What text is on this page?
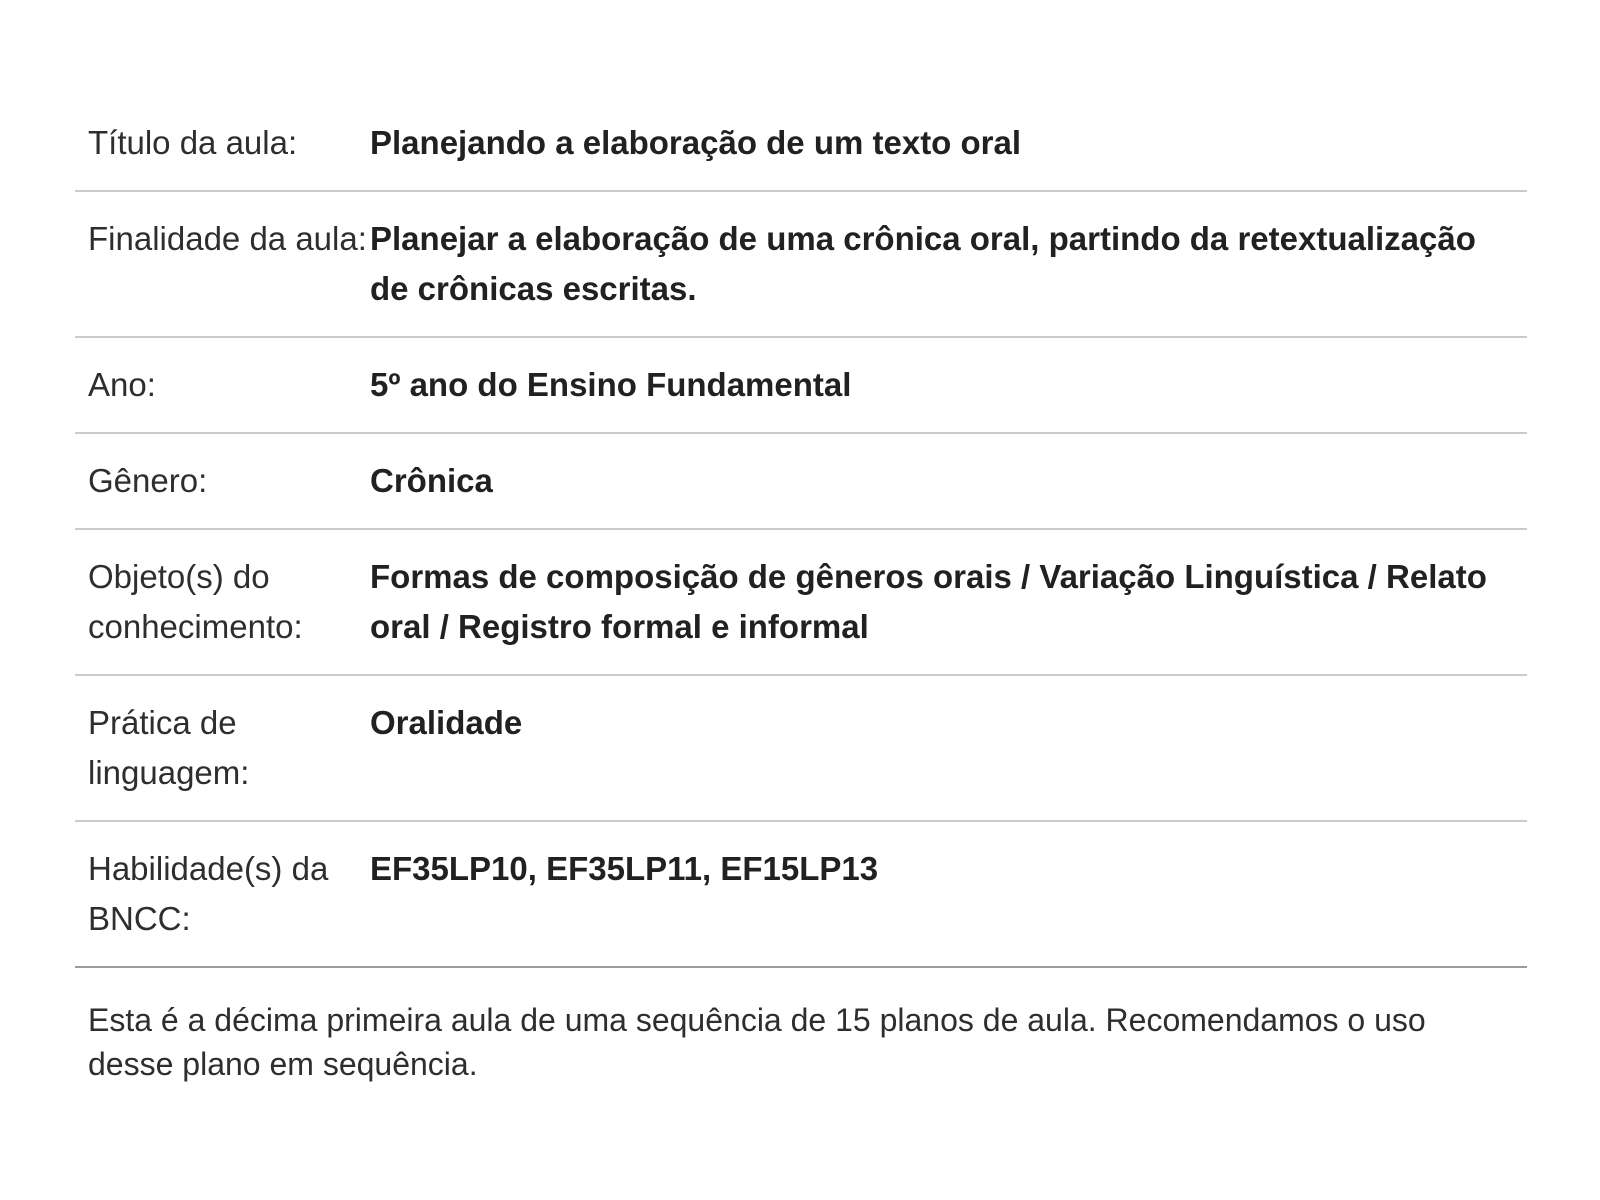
Título da aula:	Planejando a elaboração de um texto oral
Finalidade da aula: Planejar a elaboração de uma crônica oral, partindo da retextualização de crônicas escritas.
Ano:	5º ano do Ensino Fundamental
Gênero:	Crônica
Objeto(s) do conhecimento:
Formas de composição de gêneros orais / Variação Linguística / Relato oral / Registro formal e informal
Prática de linguagem:
Oralidade
Habilidade(s) da BNCC:
EF35LP10, EF35LP11, EF15LP13
Esta é a décima primeira aula de uma sequência de 15 planos de aula. Recomendamos o uso desse plano em sequência.
